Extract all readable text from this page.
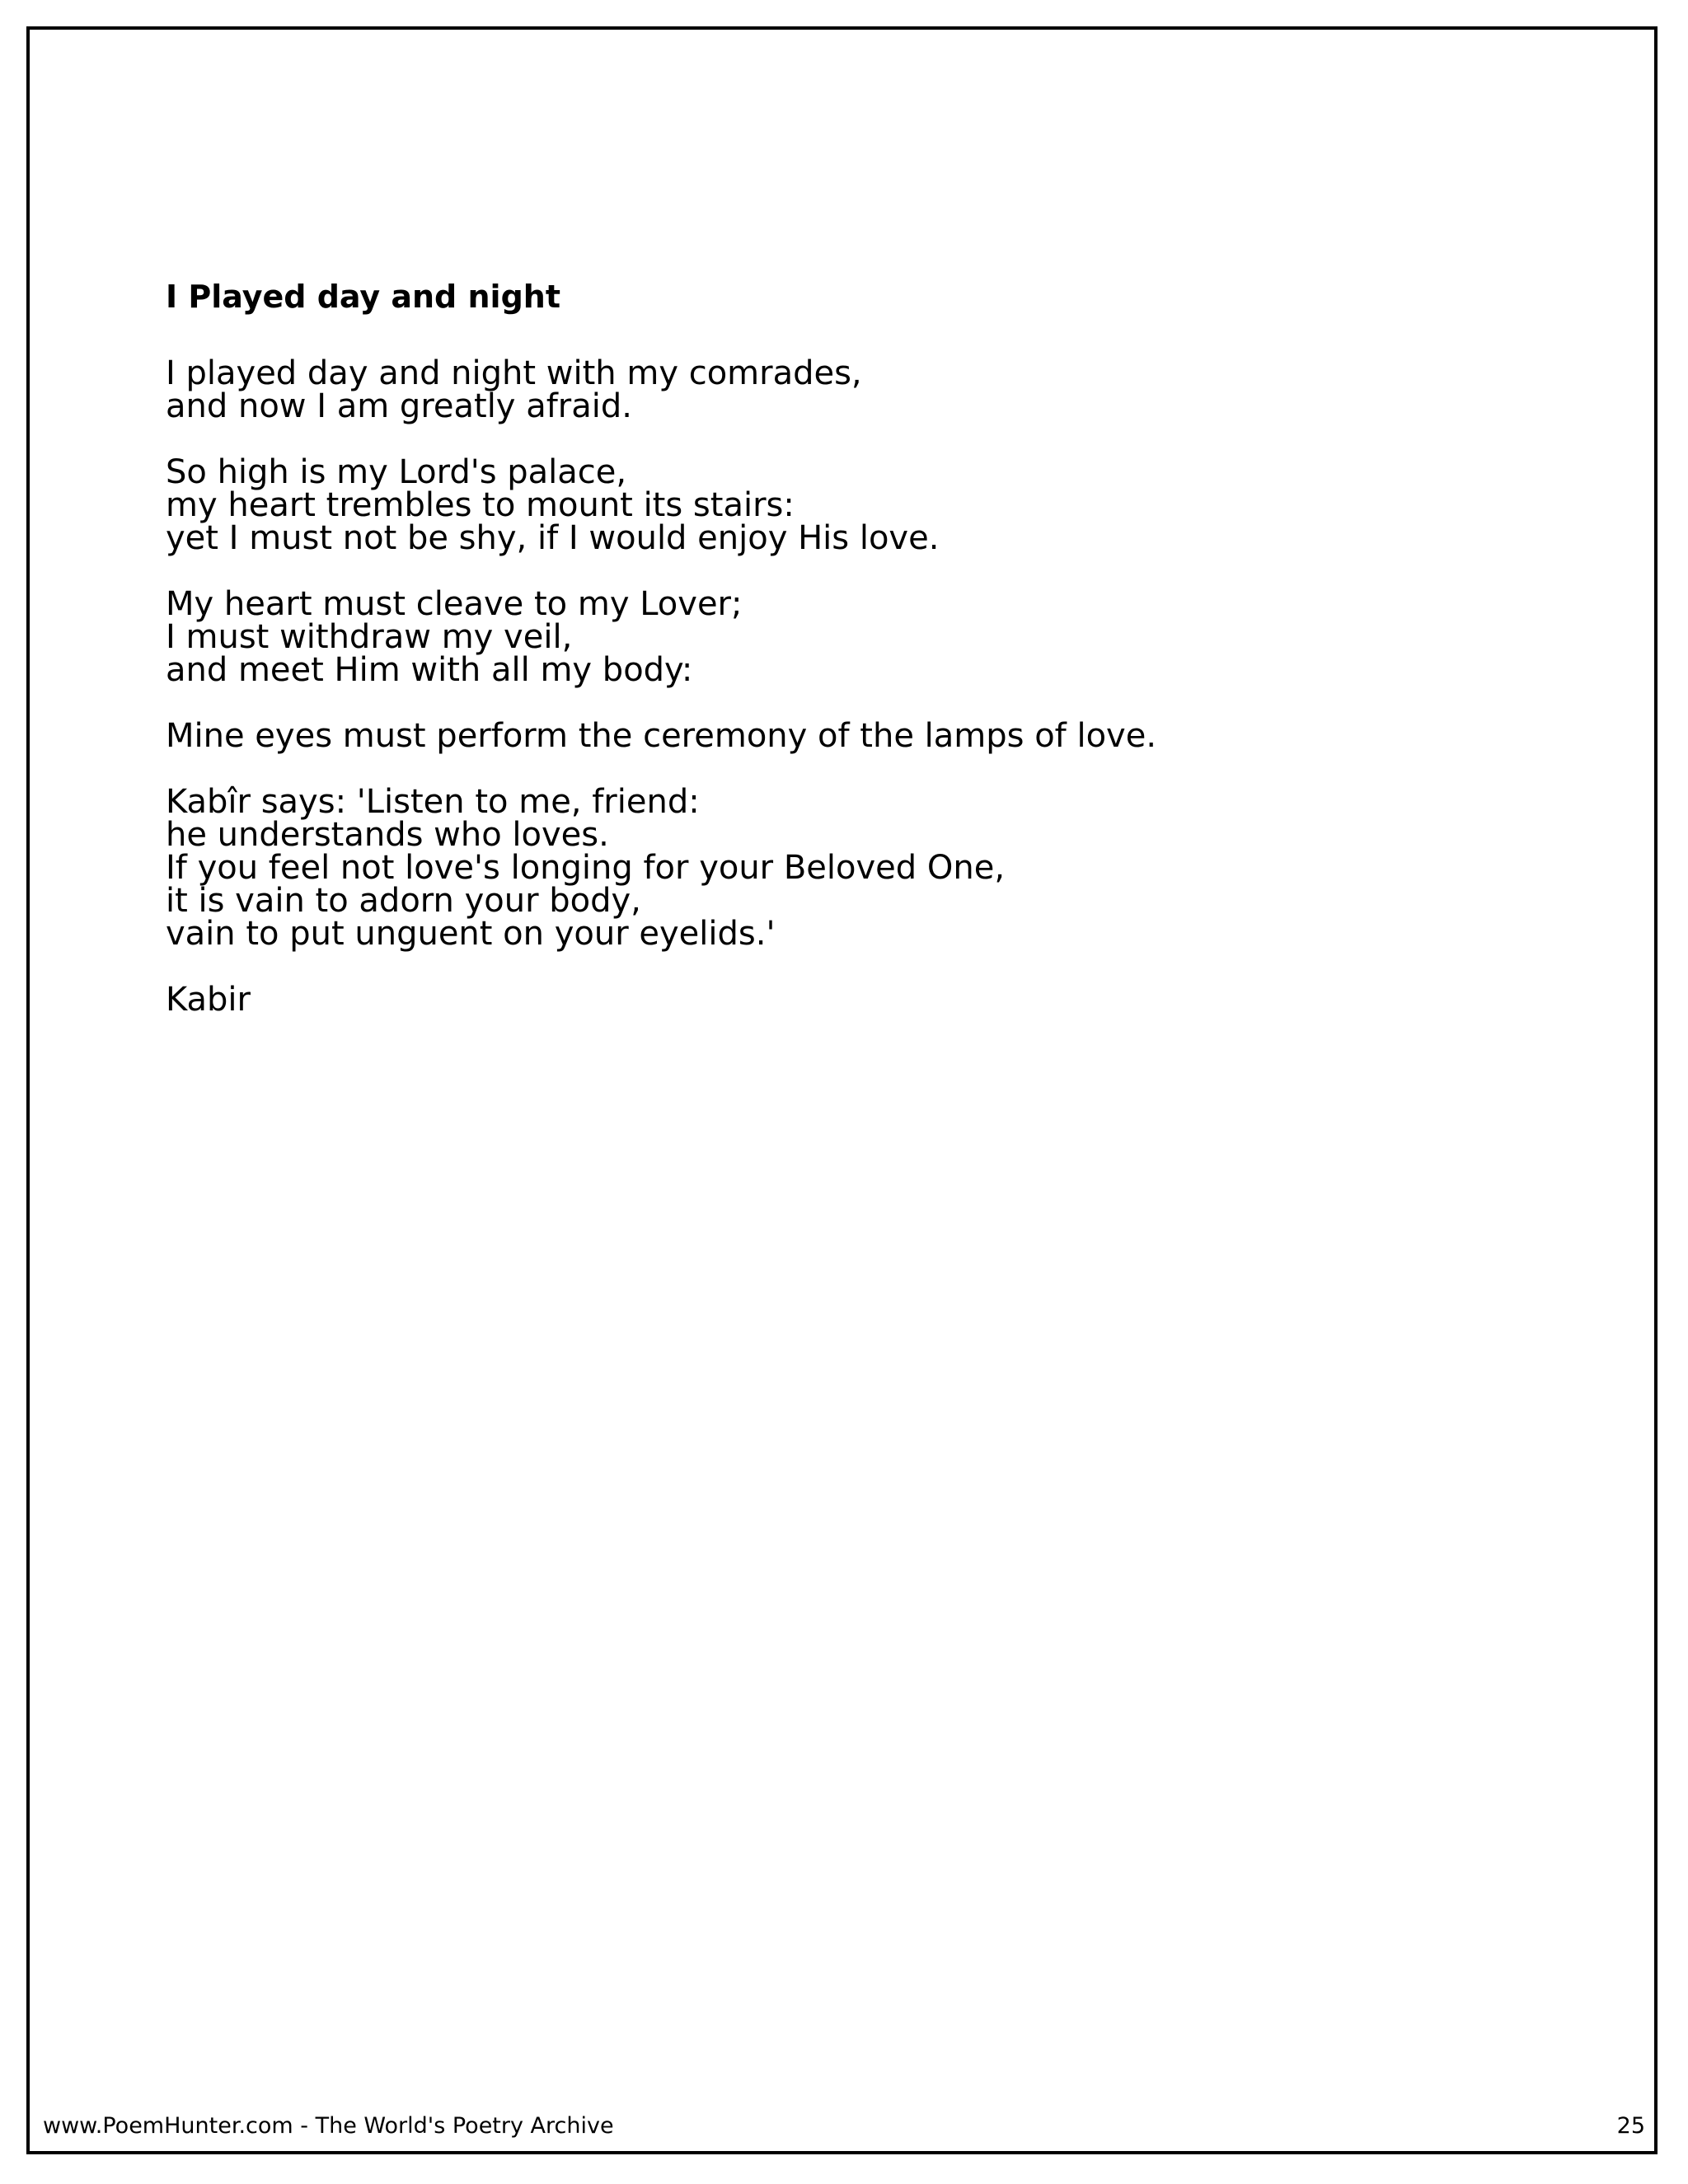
I Played day and night
I played day and night with my comrades,
and now I am greatly afraid.
So high is my Lord's palace,
my heart trembles to mount its stairs:
yet I must not be shy, if I would enjoy His love.
My heart must cleave to my Lover;
I must withdraw my veil,
and meet Him with all my body:
Mine eyes must perform the ceremony of the lamps of love.
Kabîr says: 'Listen to me, friend:
he understands who loves.
If you feel not love's longing for your Beloved One,
it is vain to adorn your body,
vain to put unguent on your eyelids.'
Kabir
www.PoemHunter.com - The World's Poetry Archive	25
